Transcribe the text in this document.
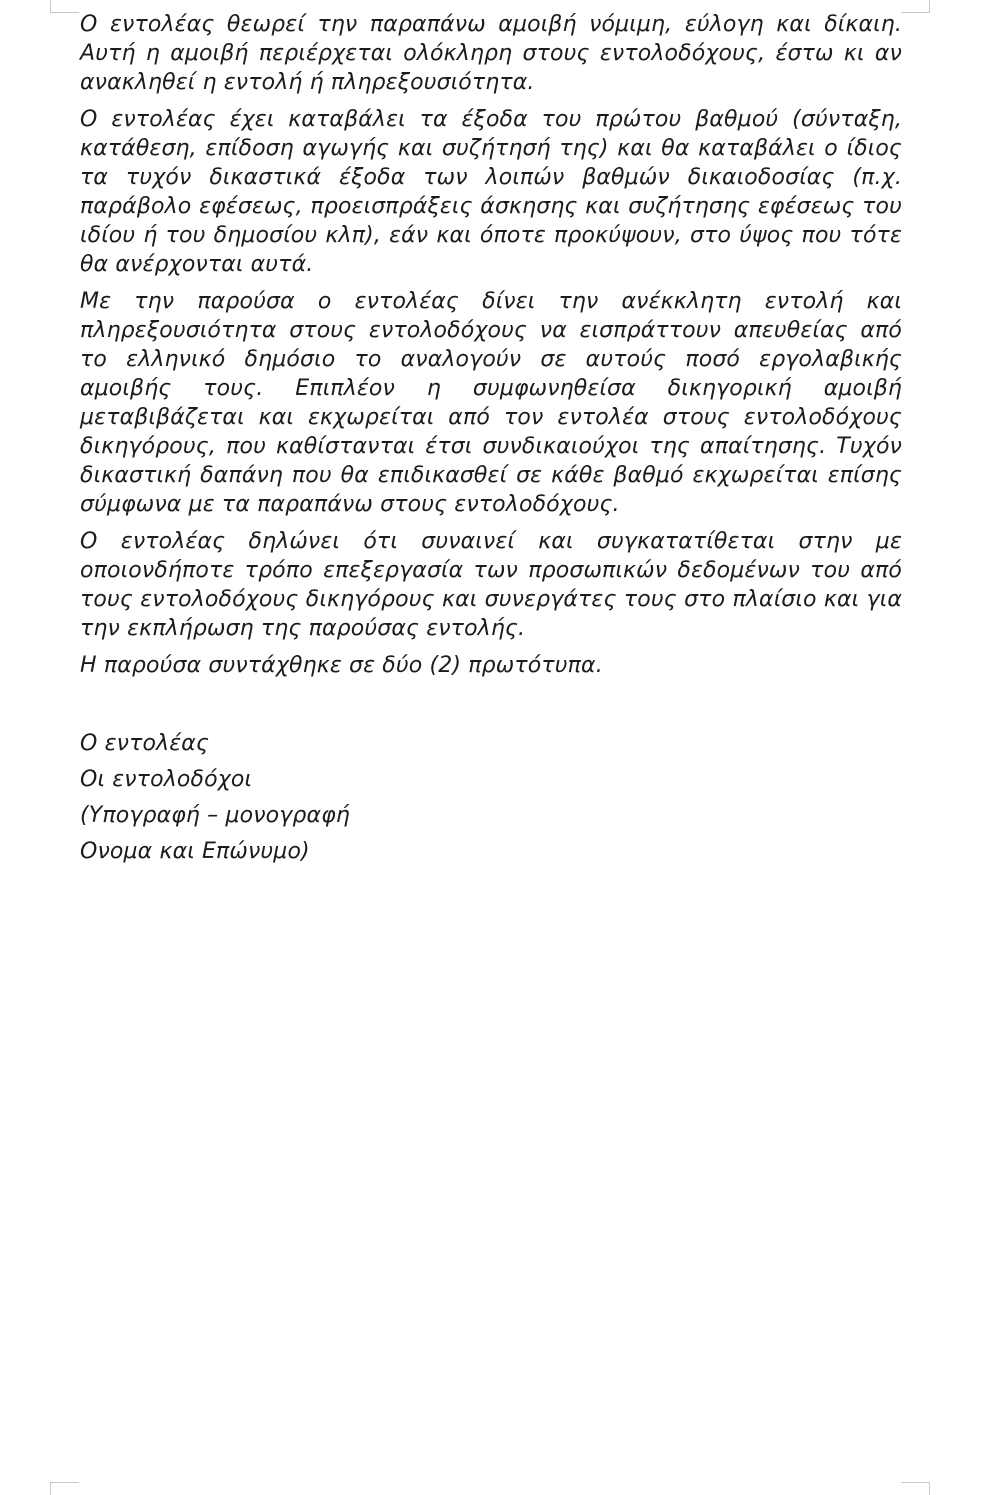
Ο εντολέας θεωρεί την παραπάνω αμοιβή νόμιμη, εύλογη και δίκαιη. Αυτή η αμοιβή περιέρχεται ολόκληρη στους εντολοδόχους, έστω κι αν ανακληθεί η εντολή ή πληρεξουσιότητα.

Ο εντολέας έχει καταβάλει τα έξοδα του πρώτου βαθμού (σύνταξη, κατάθεση, επίδοση αγωγής και συζήτησή της) και θα καταβάλει ο ίδιος τα τυχόν δικαστικά έξοδα των λοιπών βαθμών δικαιοδοσίας (π.χ. παράβολο εφέσεως, προεισπράξεις άσκησης και συζήτησης εφέσεως του ιδίου ή του δημοσίου κλπ), εάν και όποτε προκύψουν, στο ύψος που τότε θα ανέρχονται αυτά.

Με την παρούσα ο εντολέας δίνει την ανέκκλητη εντολή και πληρεξουσιότητα στους εντολοδόχους να εισπράττουν απευθείας από το ελληνικό δημόσιο το αναλογούν σε αυτούς ποσό εργολαβικής αμοιβής τους. Επιπλέον η συμφωνηθείσα δικηγορική αμοιβή μεταβιβάζεται και εκχωρείται από τον εντολέα στους εντολοδόχους δικηγόρους, που καθίστανται έτσι συνδικαιούχοι της απαίτησης. Τυχόν δικαστική δαπάνη που θα επιδικασθεί σε κάθε βαθμό εκχωρείται επίσης σύμφωνα με τα παραπάνω στους εντολοδόχους.

Ο εντολέας δηλώνει ότι συναινεί και συγκατατίθεται στην με οποιονδήποτε τρόπο επεξεργασία των προσωπικών δεδομένων του από τους εντολοδόχους δικηγόρους και συνεργάτες τους στο πλαίσιο και για την εκπλήρωση της παρούσας εντολής.

Η παρούσα συντάχθηκε σε δύο (2) πρωτότυπα.

Ο εντολέας
Οι εντολοδόχοι
(Υπογραφή – μονογραφή
Ονομα και Επώνυμο)
